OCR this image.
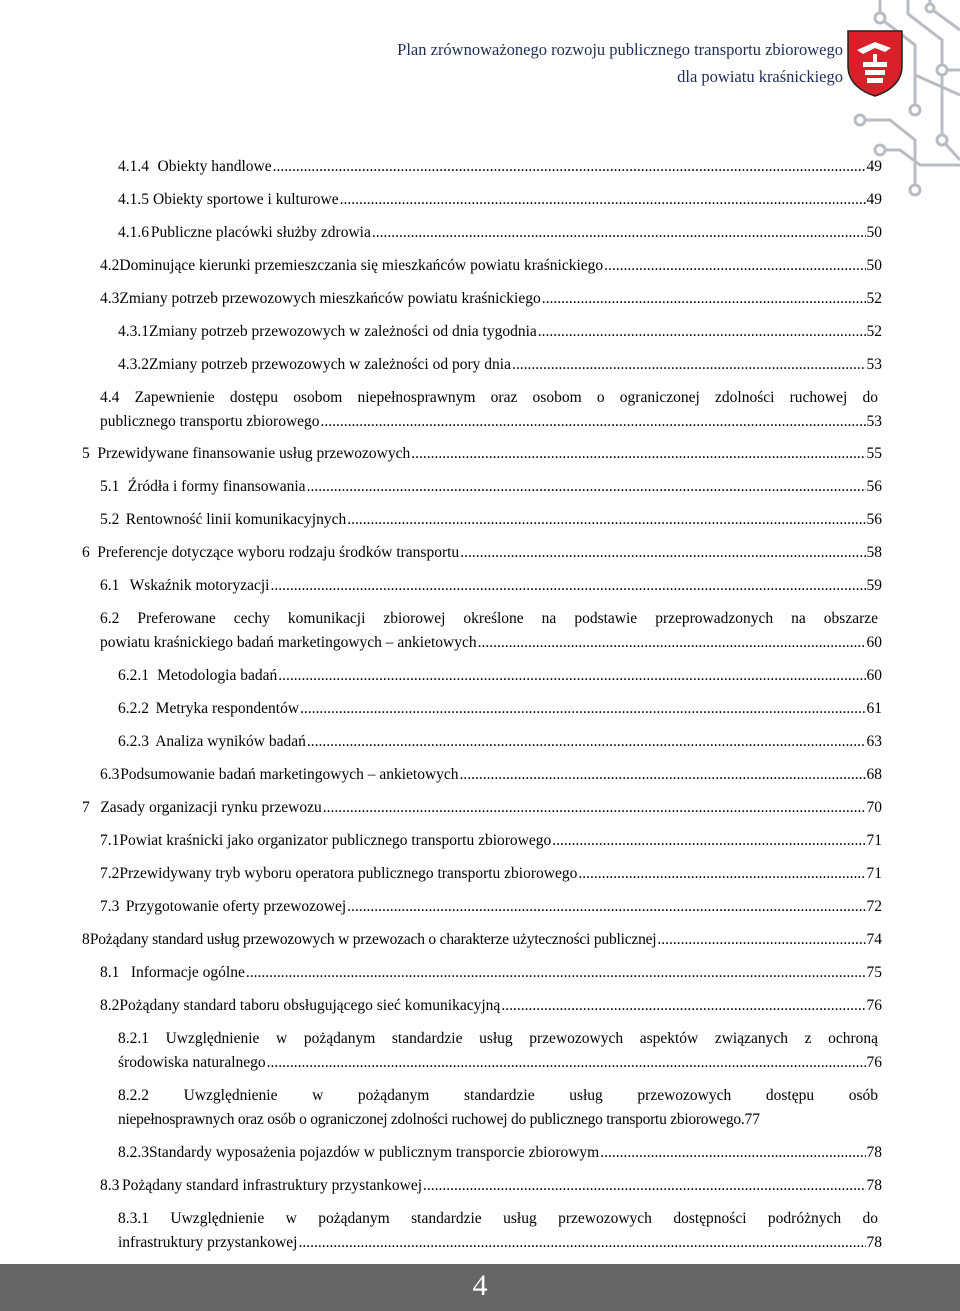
Plan zrównoważonego rozwoju publicznego transportu zbiorowego
dla powiatu kraśnickiego
4.1.4 Obiekty handlowe .....	49
4.1.5 Obiekty sportowe i kulturowe .....	49
4.1.6 Publiczne placówki służby zdrowia .....	50
4.2 Dominujące kierunki przemieszczania się mieszkańców powiatu kraśnickiego .....	50
4.3 Zmiany potrzeb przewozowych mieszkańców powiatu kraśnickiego .....	52
4.3.1 Zmiany potrzeb przewozowych w zależności od dnia tygodnia .....	52
4.3.2 Zmiany potrzeb przewozowych w zależności od pory dnia .....	53
4.4 Zapewnienie dostępu osobom niepełnosprawnym oraz osobom o ograniczonej zdolności ruchowej do
publicznego transportu zbiorowego .....	53
5 Przewidywane finansowanie usług przewozowych .....	55
5.1 Źródła i formy finansowania .....	56
5.2 Rentowność linii komunikacyjnych .....	56
6 Preferencje dotyczące wyboru rodzaju środków transportu .....	58
6.1 Wskaźnik motoryzacji .....	59
6.2 Preferowane cechy komunikacji zbiorowej określone na podstawie przeprowadzonych na obszarze
powiatu kraśnickiego badań marketingowych – ankietowych .....	60
6.2.1 Metodologia badań .....	60
6.2.2 Metryka respondentów .....	61
6.2.3 Analiza wyników badań .....	63
6.3 Podsumowanie badań marketingowych – ankietowych .....	68
7 Zasady organizacji rynku przewozu .....	70
7.1 Powiat kraśnicki jako organizator publicznego transportu zbiorowego .....	71
7.2 Przewidywany tryb wyboru operatora publicznego transportu zbiorowego .....	71
7.3 Przygotowanie oferty przewozowej .....	72
8 Pożądany standard usług przewozowych w przewozach o charakterze użyteczności publicznej .....	74
8.1 Informacje ogólne .....	75
8.2 Pożądany standard taboru obsługującego sieć komunikacyjną .....	76
8.2.1 Uwzględnienie w pożądanym standardzie usług przewozowych aspektów związanych z ochroną
środowiska naturalnego .....	76
8.2.2 Uwzględnienie w pożądanym standardzie usług przewozowych dostępu osób
niepełnosprawnych oraz osób o ograniczonej zdolności ruchowej do publicznego transportu zbiorowego. 77
8.2.3 Standardy wyposażenia pojazdów w publicznym transporcie zbiorowym .....	78
8.3 Pożądany standard infrastruktury przystankowej .....	78
8.3.1 Uwzględnienie w pożądanym standardzie usług przewozowych dostępności podróżnych do
infrastruktury przystankowej .....	78
4
